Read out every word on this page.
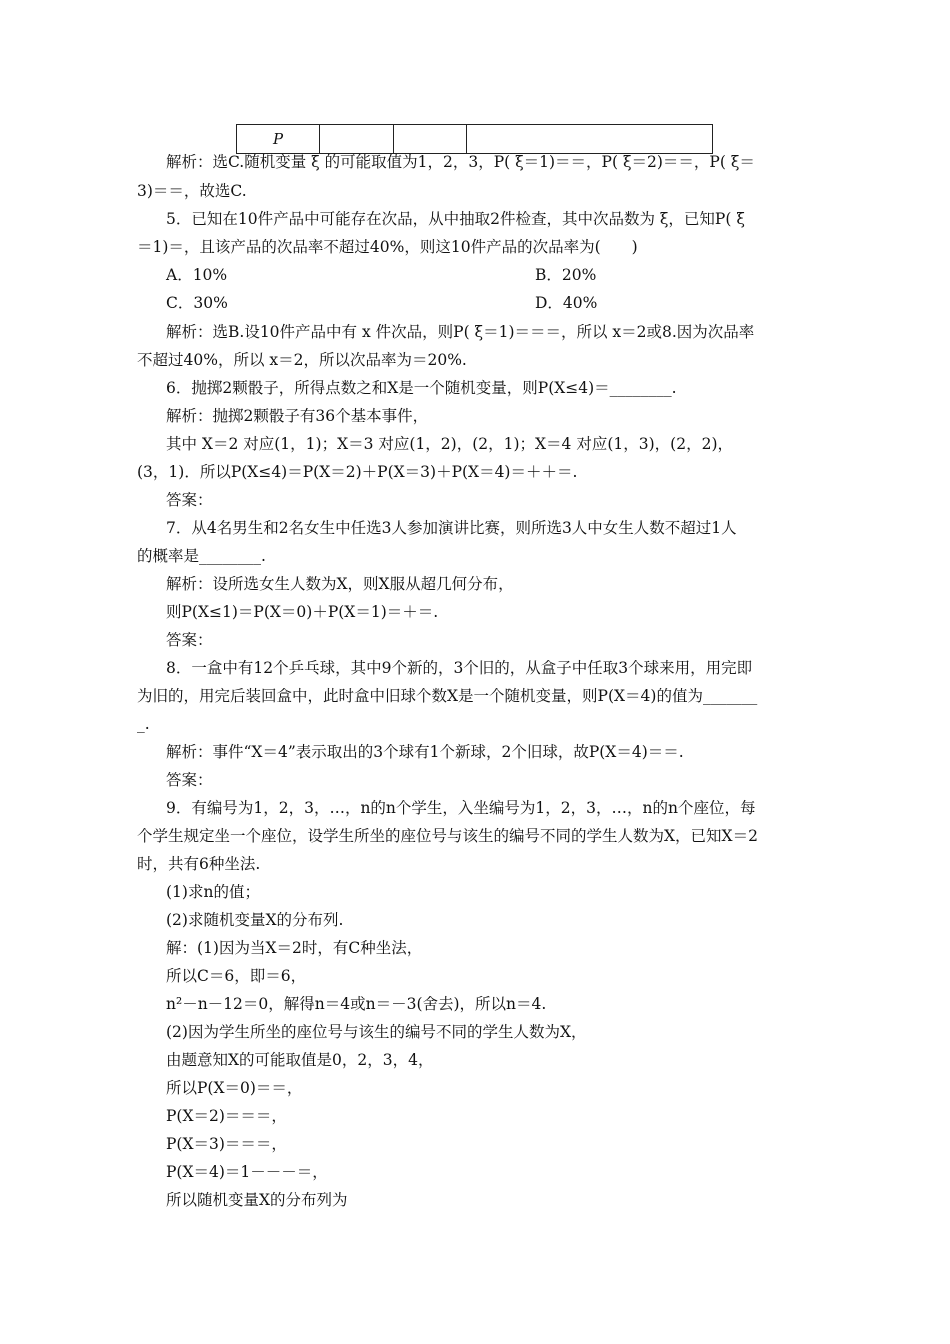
P			
解析：选C.随机变量 ξ 的可能取值为1，2，3，P( ξ＝1)＝＝，P( ξ＝2)＝＝，P( ξ＝
3)＝＝，故选C.
5．已知在10件产品中可能存在次品，从中抽取2件检查，其中次品数为 ξ，已知P( ξ
＝1)＝，且该产品的次品率不超过40%，则这10件产品的次品率为(　　)
A．10%	B．20%
C．30%	D．40%
解析：选B.设10件产品中有 x 件次品，则P( ξ＝1)＝＝＝，所以 x＝2或8.因为次品率
不超过40%，所以 x＝2，所以次品率为＝20%.
6．抛掷2颗骰子，所得点数之和X是一个随机变量，则P(X≤4)＝________.
解析：抛掷2颗骰子有36个基本事件，
其中 X＝2 对应(1，1)；X＝3 对应(1，2)，(2，1)；X＝4 对应(1，3)，(2，2)，
(3，1)．所以P(X≤4)＝P(X＝2)＋P(X＝3)＋P(X＝4)＝＋＋＝.
答案：
7．从4名男生和2名女生中任选3人参加演讲比赛，则所选3人中女生人数不超过1人
的概率是________.
解析：设所选女生人数为X，则X服从超几何分布，
则P(X≤1)＝P(X＝0)＋P(X＝1)＝＋＝.
答案：
8．一盒中有12个乒乓球，其中9个新的，3个旧的，从盒子中任取3个球来用，用完即
为旧的，用完后装回盒中，此时盒中旧球个数X是一个随机变量，则P(X＝4)的值为_______
_.
解析：事件“X＝4”表示取出的3个球有1个新球，2个旧球，故P(X＝4)＝＝.
答案：
9．有编号为1，2，3，…，n的n个学生，入坐编号为1，2，3，…，n的n个座位，每
个学生规定坐一个座位，设学生所坐的座位号与该生的编号不同的学生人数为X，已知X＝2
时，共有6种坐法.
(1)求n的值；
(2)求随机变量X的分布列.
解：(1)因为当X＝2时，有C种坐法，
所以C＝6，即＝6，
n²－n－12＝0，解得n＝4或n＝－3(舍去)，所以n＝4.
(2)因为学生所坐的座位号与该生的编号不同的学生人数为X，
由题意知X的可能取值是0，2，3，4，
所以P(X＝0)＝＝，
P(X＝2)＝＝＝，
P(X＝3)＝＝＝，
P(X＝4)＝1－－－＝，
所以随机变量X的分布列为
